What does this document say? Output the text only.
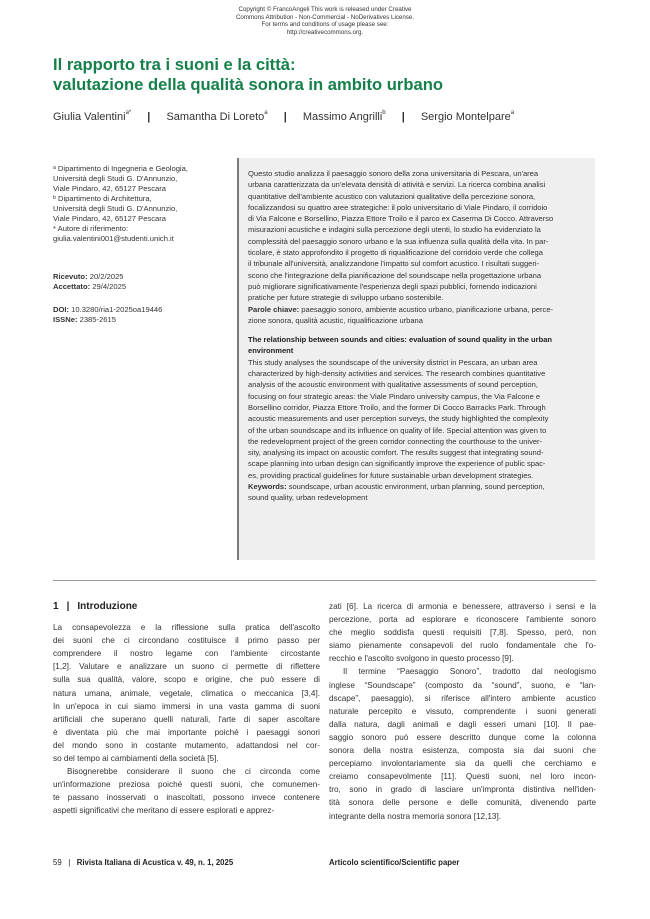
Copyright © FrancoAngeli This work is released under Creative
Commons Attribution - Non-Commercial - NoDerivatives License.
For terms and conditions of usage please see:
http://creativecommons.org.
Il rapporto tra i suoni e la città:
valutazione della qualità sonora in ambito urbano
Giulia Valentini$^{a*}$ | Samantha Di Loreto$^a$ | Massimo Angrilli$^b$ | Sergio Montelpare$^a$
ᵃ Dipartimento di Ingegneria e Geologia,
Università degli Studi G. D'Annunzio,
Viale Pindaro, 42, 65127 Pescara
ᵇ Dipartimento di Architettura,
Università degli Studi G. D'Annunzio,
Viale Pindaro, 42, 65127 Pescara
* Autore di riferimento:
giulia.valentini001@studenti.unich.it
Ricevuto: 20/2/2025
Accettato: 29/4/2025
DOI: 10.3280/ria1-2025oa19446
ISSNe: 2385-2615
Questo studio analizza il paesaggio sonoro della zona universitaria di Pescara, un'area
urbana caratterizzata da un'elevata densità di attività e servizi. La ricerca combina analisi
quantitative dell'ambiente acustico con valutazioni qualitative della percezione sonora,
focalizzandosi su quattro aree strategiche: il polo universitario di Viale Pindaro, il corridoio
di Via Falcone e Borsellino, Piazza Ettore Troilo e il parco ex Caserma Di Cocco. Attraverso
misurazioni acustiche e indagini sulla percezione degli utenti, lo studio ha evidenziato la
complessità del paesaggio sonoro urbano e la sua influenza sulla qualità della vita. In par-
ticolare, è stato approfondito il progetto di riqualificazione del corridoio verde che collega
il tribunale all'università, analizzandone l'impatto sul comfort acustico. I risultati suggeri-
scono che l'integrazione della pianificazione del soundscape nella progettazione urbana
può migliorare significativamente l'esperienza degli spazi pubblici, fornendo indicazioni
pratiche per future strategie di sviluppo urbano sostenibile.
Parole chiave: paesaggio sonoro, ambiente acustico urbano, pianificazione urbana, perce-
zione sonora, qualità acustic, riqualificazione urbana
The relationship between sounds and cities: evaluation of sound quality in the urban
environment
This study analyses the soundscape of the university district in Pescara, an urban area
characterized by high-density activities and services. The research combines quantitative
analysis of the acoustic environment with qualitative assessments of sound perception,
focusing on four strategic areas: the Viale Pindaro university campus, the Via Falcone e
Borsellino corridor, Piazza Ettore Troilo, and the former Di Cocco Barracks Park. Through
acoustic measurements and user perception surveys, the study highlighted the complexity
of the urban soundscape and its influence on quality of life. Special attention was given to
the redevelopment project of the green corridor connecting the courthouse to the univer-
sity, analysing its impact on acoustic comfort. The results suggest that integrating sound-
scape planning into urban design can significantly improve the experience of public spac-
es, providing practical guidelines for future sustainable urban development strategies.
Keywords: soundscape, urban acoustic environment, urban planning, sound perception,
sound quality, urban redevelopment
1 | Introduzione
La consapevolezza e la riflessione sulla pratica dell'ascolto
dei suoni che ci circondano costituisce il primo passo per
comprendere il nostro legame con l'ambiente circostante
[1,2]. Valutare e analizzare un suono ci permette di riflettere
sulla sua qualità, valore, scopo e origine, che può essere di
natura umana, animale, vegetale, climatica o meccanica [3,4].
In un'epoca in cui siamo immersi in una vasta gamma di suoni
artificiali che superano quelli naturali, l'arte di saper ascoltare
è diventata più che mai importante poiché i paesaggi sonori
del mondo sono in costante mutamento, adattandosi nel cor-
so del tempo ai cambiamenti della società [5].
Bisognerebbe considerare il suono che ci circonda come
un'informazione preziosa poiché questi suoni, che comunemen-
te passano inosservati o inascoltati, possono invece contenere
aspetti significativi che meritano di essere esplorati e apprez-
zati [6]. La ricerca di armonia e benessere, attraverso i sensi e la
percezione, porta ad esplorare e riconoscere l'ambiente sonoro
che meglio soddisfa questi requisiti [7,8]. Spesso, però, non
siamo pienamente consapevoli del ruolo fondamentale che l'o-
recchio e l'ascolto svolgono in questo processo [9].
Il termine “Paesaggio Sonoro”, tradotto dal neologismo
inglese “Soundscape” (composto da “sound”, suono, e “lan-
dscape”, paesaggio), si riferisce all'intero ambiente acustico
naturale percepito e vissuto, comprendente i suoni generati
dalla natura, dagli animali e dagli esseri umani [10]. Il pae-
saggio sonoro può essere descritto dunque come la colonna
sonora della nostra esistenza, composta sia dai suoni che
percepiamo involontariamente sia da quelli che cerchiamo e
creiamo consapevolmente [11]. Questi suoni, nel loro incon-
tro, sono in grado di lasciare un'impronta distintiva nell'iden-
tità sonora delle persone e delle comunità, divenendo parte
integrante della nostra memoria sonora [12,13].
59 | Rivista Italiana di Acustica v. 49, n. 1, 2025	Articolo scientifico/Scientific paper
